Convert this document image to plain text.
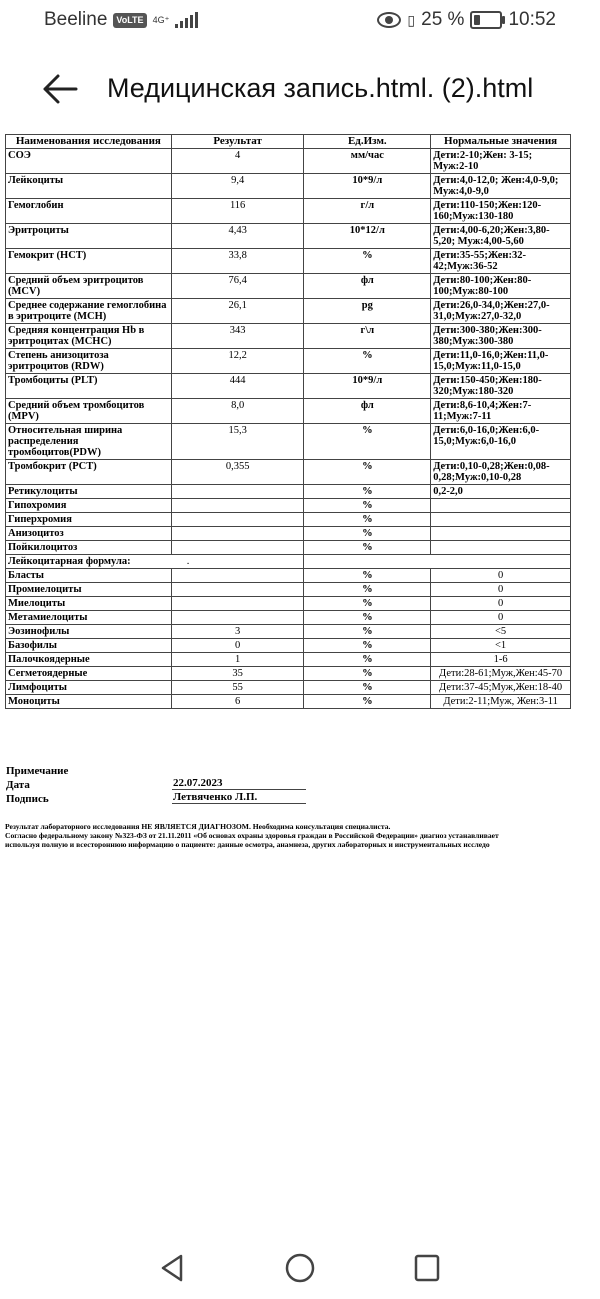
Beeline	VoLTE	4G⁺	▯ 25 % 10:52
Медицинская запись.html. (2).html
Наименования исследования	Результат	Ед.Изм.	Нормальные значения
СОЭ	4	мм/час	Дети:2-10;Жен: 3-15; Муж:2-10
Лейкоциты	9,4	10*9/л	Дети:4,0-12,0; Жен:4,0-9,0; Муж:4,0-9,0
Гемоглобин	116	г/л	Дети:110-150;Жен:120-160;Муж:130-180
Эритроциты	4,43	10*12/л	Дети:4,00-6,20;Жен:3,80-5,20; Муж:4,00-5,60
Гемокрит (НСТ)	33,8	%	Дети:35-55;Жен:32-42;Муж:36-52
Средний объем эритроцитов (MCV)	76,4	фл	Дети:80-100;Жен:80-100;Муж:80-100
Среднее содержание гемоглобина в эритроците (МСН)	26,1	pg	Дети:26,0-34,0;Жен:27,0-31,0;Муж:27,0-32,0
Средняя концентрация Hb в эритроцитах (МСНС)	343	г\л	Дети:300-380;Жен:300-380;Муж:300-380
Степень анизоцитоза эритроцитов (RDW)	12,2	%	Дети:11,0-16,0;Жен:11,0-15,0;Муж:11,0-15,0
Тромбоциты (PLT)	444	10*9/л	Дети:150-450;Жен:180-320;Муж:180-320
Средний объем тромбоцитов (MPV)	8,0	фл	Дети:8,6-10,4;Жен:7-11;Муж:7-11
Относительная ширина распределения тромбоцитов(PDW)	15,3	%	Дети:6,0-16,0;Жен:6,0-15,0;Муж:6,0-16,0
Тромбокрит (PCT)	0,355	%	Дети:0,10-0,28;Жен:0,08-0,28;Муж:0,10-0,28
Ретикулоциты		%	0,2-2,0
Гипохромия		%	
Гиперхромия		%	
Анизоцитоз		%	
Пойкилоцитоз		%	
Лейкоцитарная формула: .			
Бласты		%	0
Промиелоциты		%	0
Миелоциты		%	0
Метамиелоциты		%	0
Эозинофилы	3	%	<5
Базофилы	0	%	<1
Палочкоядерные	1	%	1-6
Сегметоядерные	35	%	Дети:28-61;Муж,Жен:45-70
Лимфоциты	55	%	Дети:37-45;Муж,Жен:18-40
Моноциты	6	%	Дети:2-11;Муж, Жен:3-11
Примечание
Дата	22.07.2023
Подпись	Летвяченко Л.П.
Результат лабораторного исследования НЕ ЯВЛЯЕТСЯ ДИАГНОЗОМ. Необходима консультация специалиста.
Согласно федеральному закону №323-ФЗ от 21.11.2011 «Об основах охраны здоровья граждан в Российской Федерации» диагноз устанавливает
используя полную и всестороннюю информацию о пациенте: данные осмотра, анамнеза, других лабораторных и инструментальных исследо
